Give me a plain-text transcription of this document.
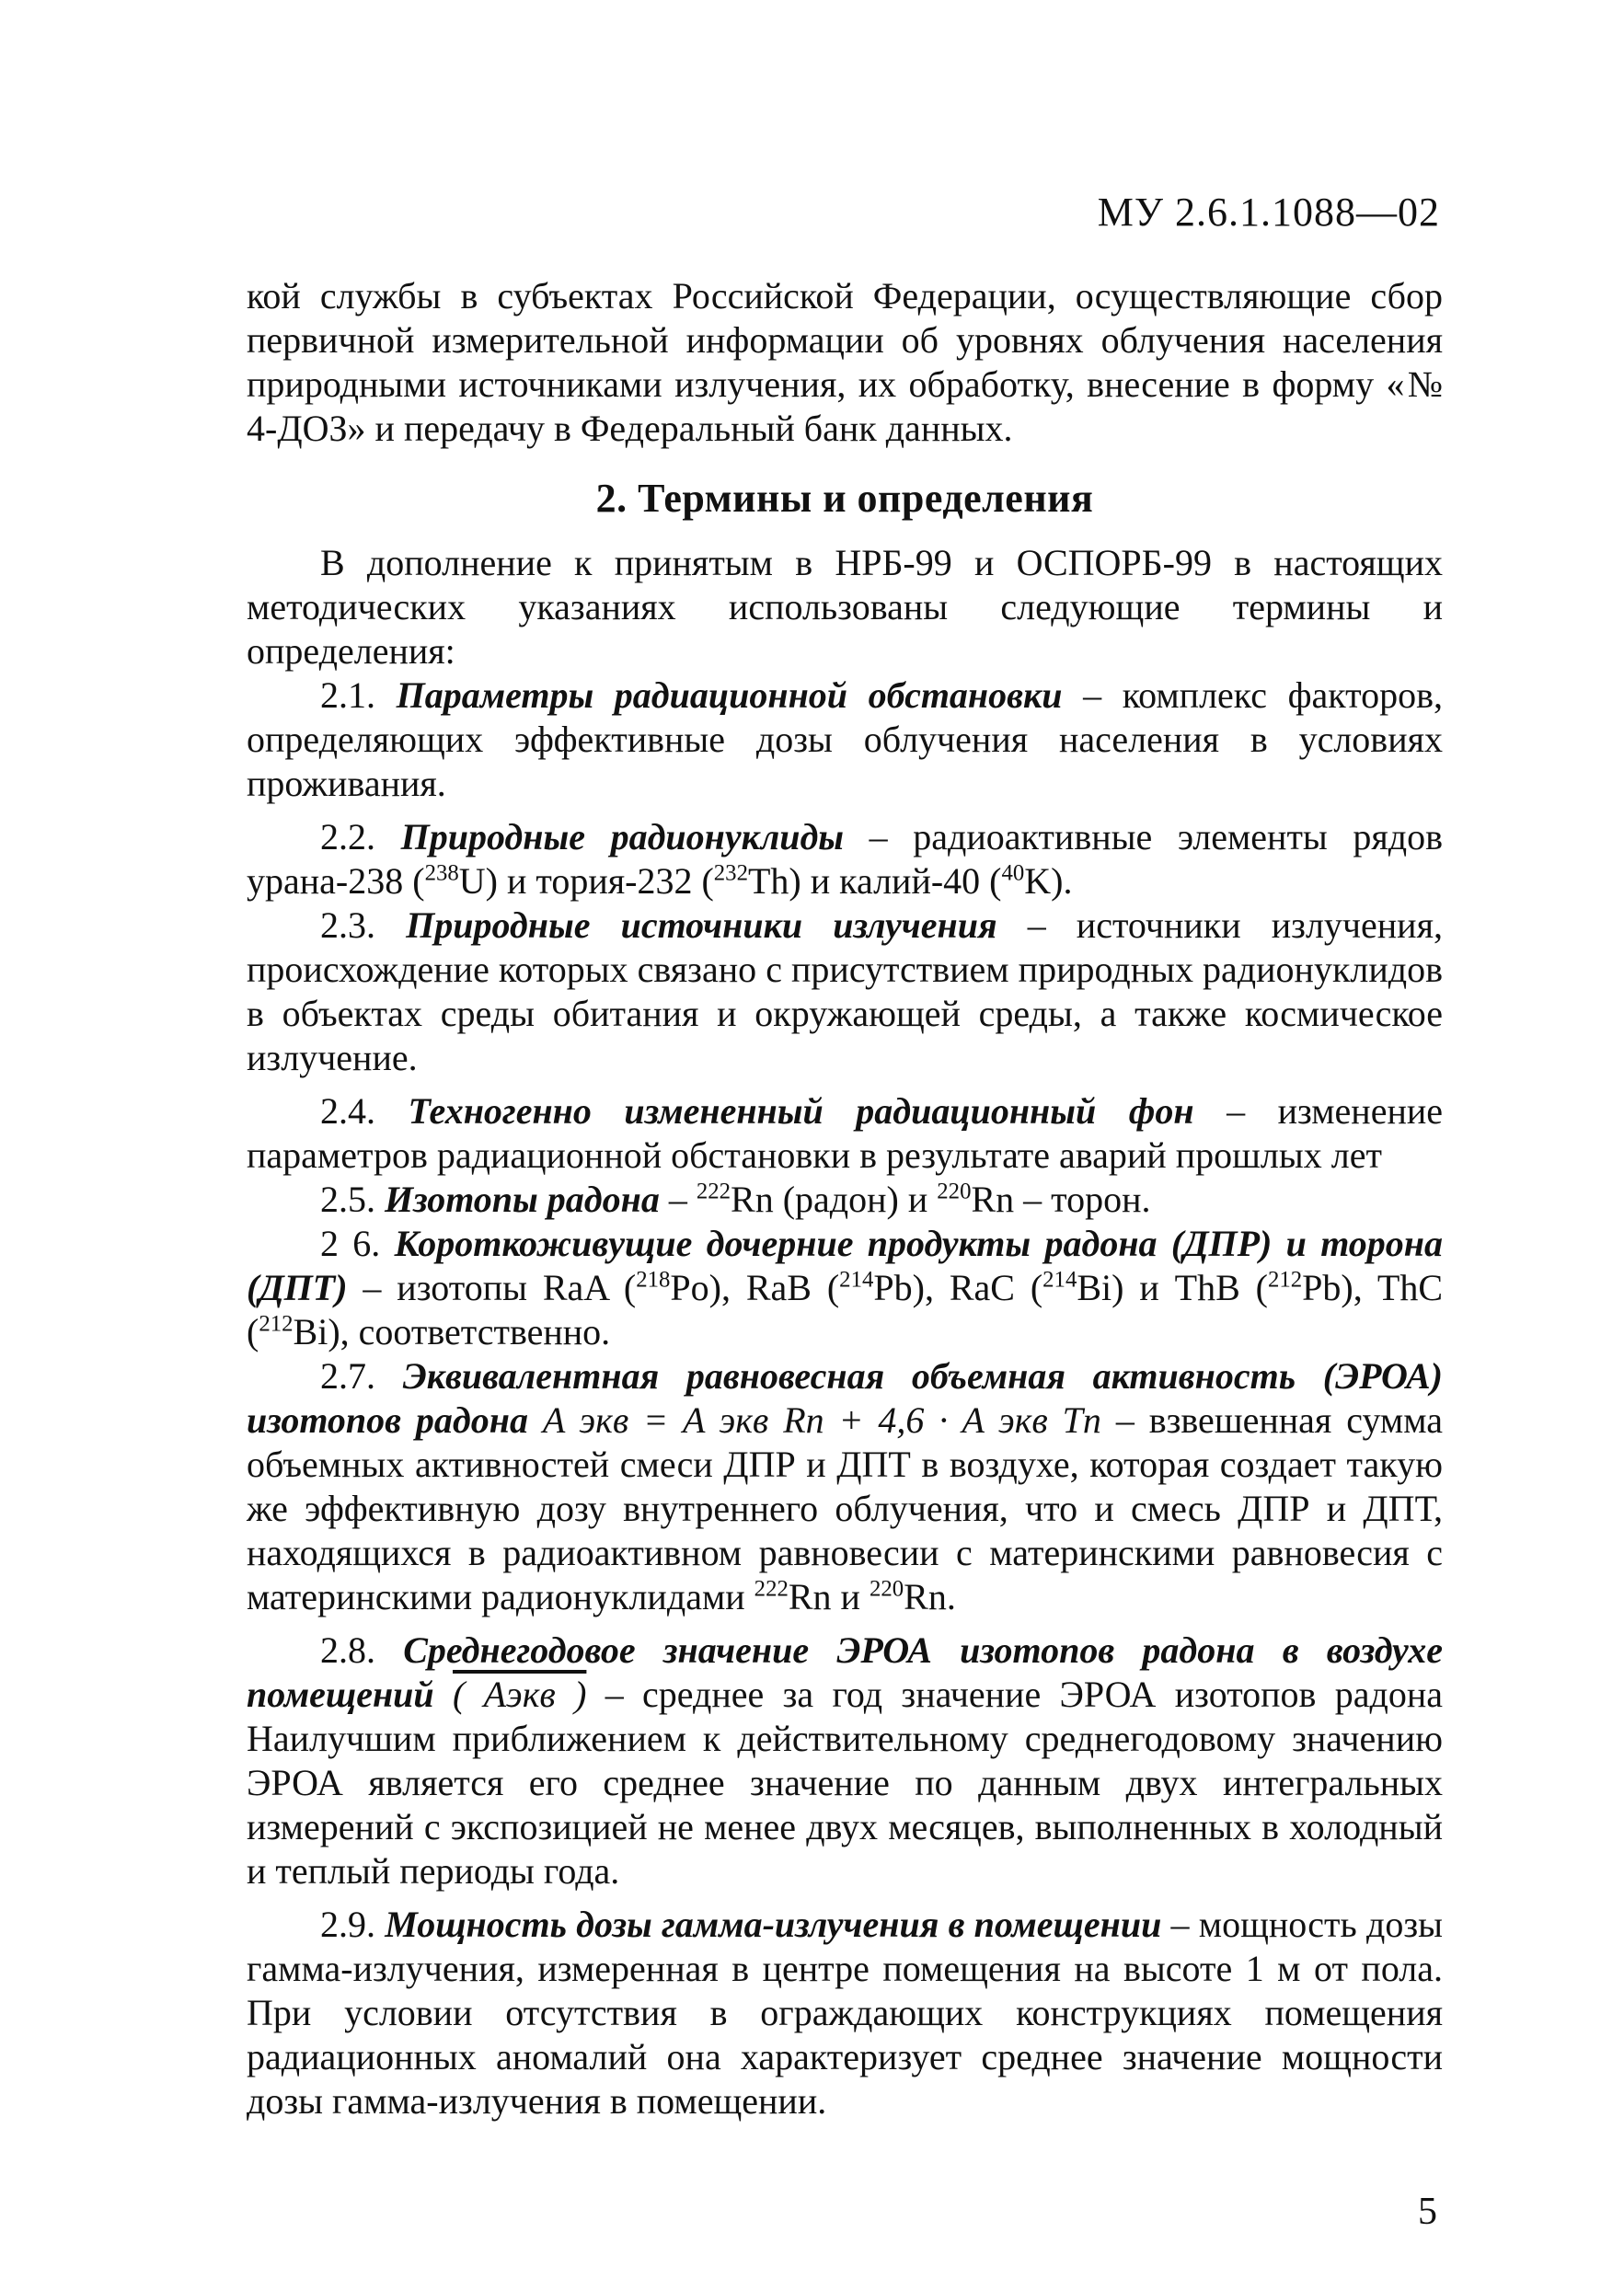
МУ 2.6.1.1088—02

кой службы в субъектах Российской Федерации, осуществляющие сбор первичной измерительной информации об уровнях облучения населения природными источниками излучения, их обработку, внесение в форму «№ 4-ДОЗ» и передачу в Федеральный банк данных.

2. Термины и определения

В дополнение к принятым в НРБ-99 и ОСПОРБ-99 в настоящих методических указаниях использованы следующие термины и определения:

2.1. Параметры радиационной обстановки – комплекс факторов, определяющих эффективные дозы облучения населения в условиях проживания.

2.2. Природные радионуклиды – радиоактивные элементы рядов урана-238 ($^{238}$U) и тория-232 ($^{232}$Th) и калий-40 ($^{40}$K).

2.3. Природные источники излучения – источники излучения, происхождение которых связано с присутствием природных радионуклидов в объектах среды обитания и окружающей среды, а также космическое излучение.

2.4. Техногенно измененный радиационный фон – изменение параметров радиационной обстановки в результате аварий прошлых лет

2.5. Изотопы радона – $^{222}$Rn (радон) и $^{220}$Rn – торон.

2 6. Короткоживущие дочерние продукты радона (ДПР) и торона (ДПТ) – изотопы RaA ($^{218}$Po), RaB ($^{214}$Pb), RaC ($^{214}$Bi) и ThB ($^{212}$Pb), ThC ($^{212}$Bi), соответственно.

2.7. Эквивалентная равновесная объемная активность (ЭРОА) изотопов радона A экв = A экв Rn + 4,6 · A экв Tn – взвешенная сумма объемных активностей смеси ДПР и ДПТ в воздухе, которая создает такую же эффективную дозу внутреннего облучения, что и смесь ДПР и ДПТ, находящихся в радиоактивном равновесии с материнскими равновесия с материнскими радионуклидами $^{222}$Rn и $^{220}$Rn.

2.8. Среднегодовое значение ЭРОА изотопов радона в воздухе помещений ( Aэкв ) – среднее за год значение ЭРОА изотопов радона Наилучшим приближением к действительному среднегодовому значению ЭРОА является его среднее значение по данным двух интегральных измерений с экспозицией не менее двух месяцев, выполненных в холодный и теплый периоды года.

2.9. Мощность дозы гамма-излучения в помещении – мощность дозы гамма-излучения, измеренная в центре помещения на высоте 1 м от пола. При условии отсутствия в ограждающих конструкциях помещения радиационных аномалий она характеризует среднее значение мощности дозы гамма-излучения в помещении.

5
